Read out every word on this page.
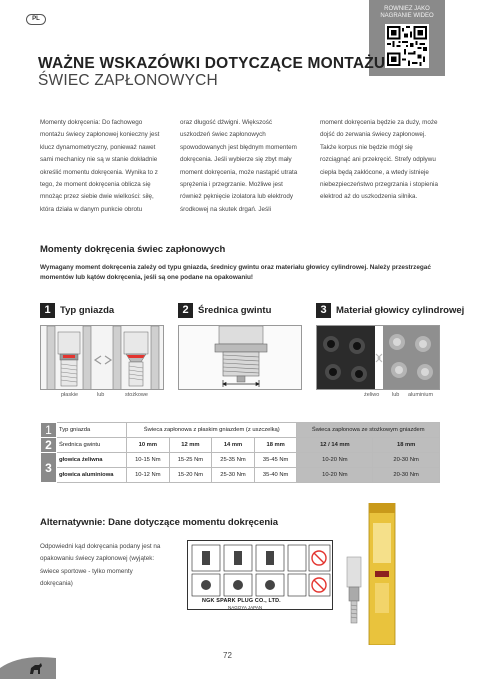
PL
ROWNIEZ JAKO
NAGRANIE WIDEO
WAŻNE WSKAZÓWKI DOTYCZĄCE MONTAŻU
ŚWIEC ZAPŁONOWYCH
Momenty dokręcenia: Do fachowego montażu świecy zapłonowej konieczny jest klucz dynamometryczny, ponieważ nawet sami mechanicy nie są w stanie dokładnie określić momentu dokręcenia. Wynika to z tego, że moment dokręcenia oblicza się mnożąc przez siebie dwie wielkości: siłę, która działa w danym punkcie obrotu
oraz długość dźwigni. Większość uszkodzeń świec zapłonowych spowodowanych jest błędnym momentem dokręcenia. Jeśli wybierze się zbyt mały moment dokręcenia, może nastąpić utrata sprężenia i przegrzanie. Możliwe jest również pęknięcie izolatora lub elektrody środkowej na skutek drgań. Jeśli
moment dokręcenia będzie za duży, może dojść do zerwania świecy zapłonowej. Także korpus nie będzie mógł się rozciągnąć ani przekręcić. Strefy odpływu ciepła będą zakłócone, a wtedy istnieje niebezpieczeństwo przegrzania i stopienia elektrod aż do uszkodzenia silnika.
Momenty dokręcenia świec zapłonowych
Wymagany moment dokręcenia zależy od typu gniazda, średnicy gwintu oraz materiału głowicy cylindrowej. Należy przestrzegać momentów lub kątów dokręcenia, jeśli są one podane na opakowaniu!
1 Typ gniazda	2 Średnica gwintu	3 Materiał głowicy cylindrowej
płaskie	lub	stożkowe	żeliwo lub aluminium
1	Typ gniazda	Świeca zapłonowa z płaskim gniazdem (z uszczelką)				Świeca zapłonowa ze stożkowym gniazdem	
2	Średnica gwintu	10 mm	12 mm	14 mm	18 mm	12 / 14 mm	18 mm
3	głowica żeliwna	10-15 Nm	15-25 Nm	25-35 Nm	35-45 Nm	10-20 Nm	20-30 Nm
	głowica aluminiowa	10-12 Nm	15-20 Nm	25-30 Nm	35-40 Nm	10-20 Nm	20-30 Nm
Alternatywnie: Dane dotyczące momentu dokręcenia
Odpowiedni kąd dokręcania podany jest na opakowaniu świecy zapłonowej (wyjątek: świece sportowe - tylko momenty dokręcania)
NGK SPARK PLUG CO., LTD.
NAGOYA JAPAN
72
